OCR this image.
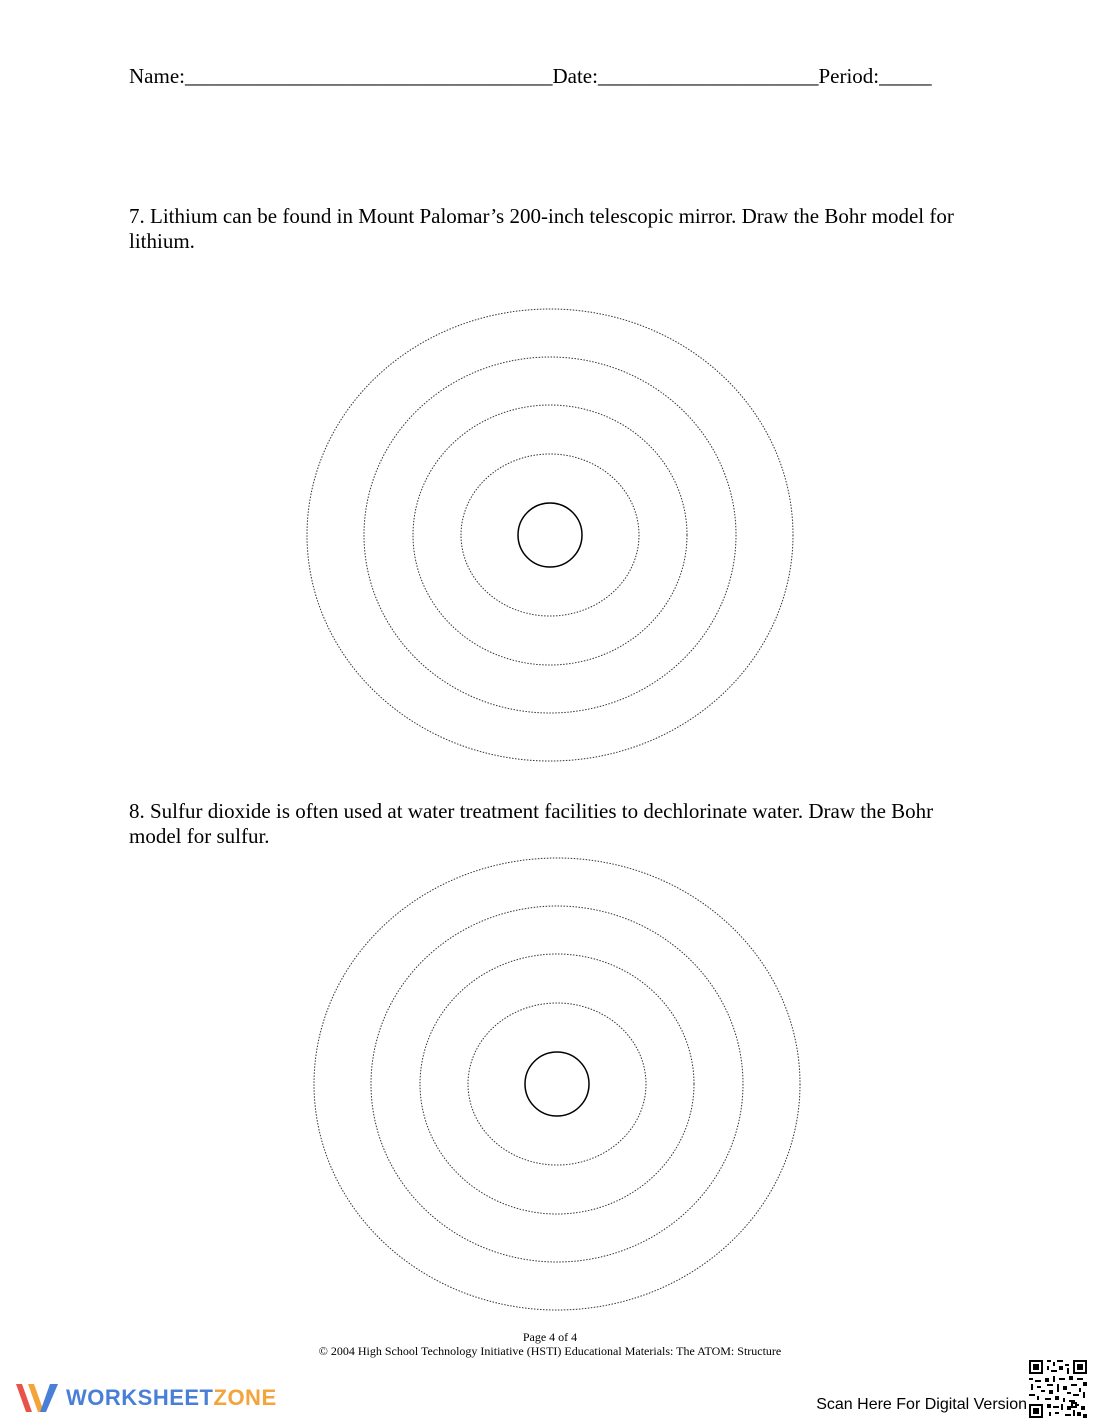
Name:___________________________________Date:_____________________Period:_____
7. Lithium can be found in Mount Palomar’s 200-inch telescopic mirror. Draw the Bohr model for lithium.
8. Sulfur dioxide is often used at water treatment facilities to dechlorinate water. Draw the Bohr model for sulfur.
Page 4 of 4
© 2004 High School Technology Initiative (HSTI) Educational Materials: The ATOM: Structure
WORKSHEETZONE	Scan Here For Digital Version
